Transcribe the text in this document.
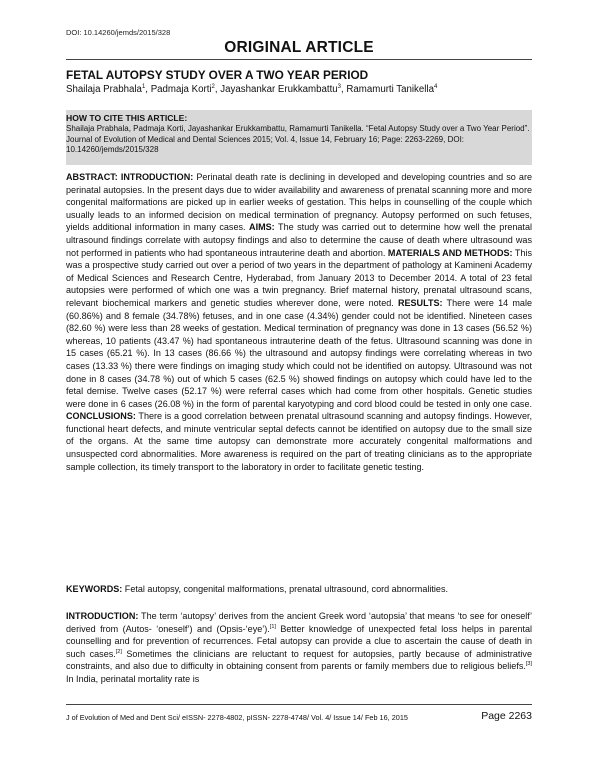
DOI: 10.14260/jemds/2015/328
ORIGINAL ARTICLE
FETAL AUTOPSY STUDY OVER A TWO YEAR PERIOD
Shailaja Prabhala$^1$, Padmaja Korti$^2$, Jayashankar Erukkambattu$^3$, Ramamurti Tanikella$^4$
HOW TO CITE THIS ARTICLE:
Shailaja Prabhala, Padmaja Korti, Jayashankar Erukkambattu, Ramamurti Tanikella. “Fetal Autopsy Study over a Two Year Period”. Journal of Evolution of Medical and Dental Sciences 2015; Vol. 4, Issue 14, February 16; Page: 2263-2269, DOI: 10.14260/jemds/2015/328
ABSTRACT: INTRODUCTION: Perinatal death rate is declining in developed and developing countries and so are perinatal autopsies. In the present days due to wider availability and awareness of prenatal scanning more and more congenital malformations are picked up in earlier weeks of gestation. This helps in counselling of the couple which usually leads to an informed decision on medical termination of pregnancy. Autopsy performed on such fetuses, yields additional information in many cases. AIMS: The study was carried out to determine how well the prenatal ultrasound findings correlate with autopsy findings and also to determine the cause of death where ultrasound was not performed in patients who had spontaneous intrauterine death and abortion. MATERIALS AND METHODS: This was a prospective study carried out over a period of two years in the department of pathology at Kamineni Academy of Medical Sciences and Research Centre, Hyderabad, from January 2013 to December 2014. A total of 23 fetal autopsies were performed of which one was a twin pregnancy. Brief maternal history, prenatal ultrasound scans, relevant biochemical markers and genetic studies wherever done, were noted. RESULTS: There were 14 male (60.86%) and 8 female (34.78%) fetuses, and in one case (4.34%) gender could not be identified. Nineteen cases (82.60 %) were less than 28 weeks of gestation. Medical termination of pregnancy was done in 13 cases (56.52 %) whereas, 10 patients (43.47 %) had spontaneous intrauterine death of the fetus. Ultrasound scanning was done in 15 cases (65.21 %). In 13 cases (86.66 %) the ultrasound and autopsy findings were correlating whereas in two cases (13.33 %) there were findings on imaging study which could not be identified on autopsy. Ultrasound was not done in 8 cases (34.78 %) out of which 5 cases (62.5 %) showed findings on autopsy which could have led to the fetal demise. Twelve cases (52.17 %) were referral cases which had come from other hospitals. Genetic studies were done in 6 cases (26.08 %) in the form of parental karyotyping and cord blood could be tested in only one case. CONCLUSIONS: There is a good correlation between prenatal ultrasound scanning and autopsy findings. However, functional heart defects, and minute ventricular septal defects cannot be identified on autopsy due to the small size of the organs. At the same time autopsy can demonstrate more accurately congenital malformations and unsuspected cord abnormalities. More awareness is required on the part of treating clinicians as to the appropriate sample collection, its timely transport to the laboratory in order to facilitate genetic testing.
KEYWORDS: Fetal autopsy, congenital malformations, prenatal ultrasound, cord abnormalities.
INTRODUCTION: The term ‘autopsy’ derives from the ancient Greek word ‘autopsia’ that means ‘to see for oneself’ derived from (Autos- ‘oneself’) and (Opsis-‘eye’).[1] Better knowledge of unexpected fetal loss helps in parental counselling and for prevention of recurrences. Fetal autopsy can provide a clue to ascertain the cause of death in such cases.[2] Sometimes the clinicians are reluctant to request for autopsies, partly because of administrative constraints, and also due to difficulty in obtaining consent from parents or family members due to religious beliefs.[3] In India, perinatal mortality rate is
J of Evolution of Med and Dent Sci/ eISSN- 2278-4802, pISSN- 2278-4748/ Vol. 4/ Issue 14/ Feb 16, 2015	Page 2263
